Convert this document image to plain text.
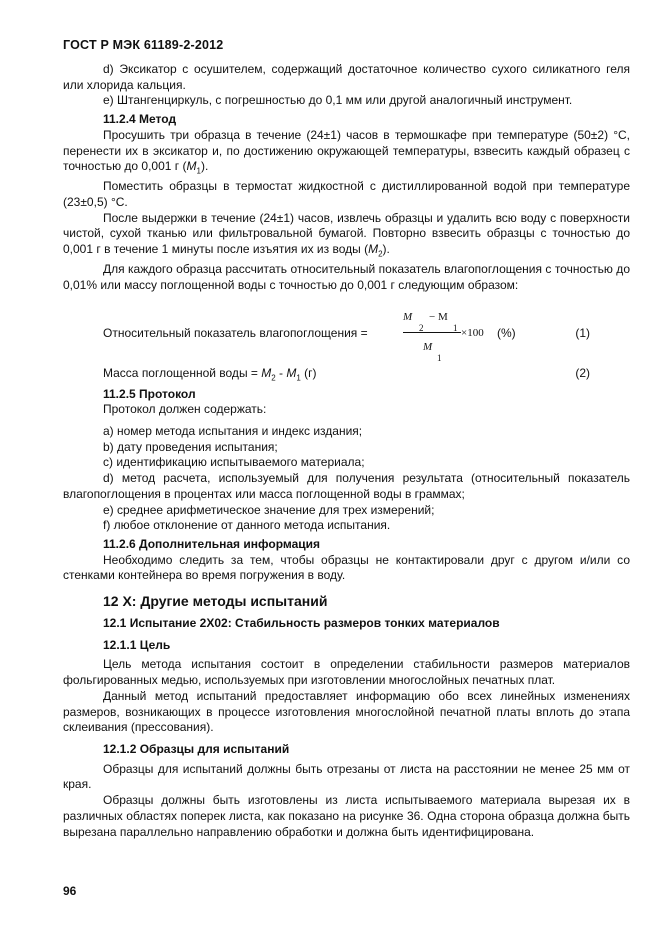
ГОСТ Р МЭК 61189-2-2012

d) Эксикатор с осушителем, содержащий достаточное количество сухого силикатного геля или хлорида кальция.

e) Штангенциркуль, с погрешностью до 0,1 мм или другой аналогичный инструмент.

11.2.4 Метод

Просушить три образца в течение (24±1) часов в термошкафе при температуре (50±2) °С, перенести их в эксикатор и, по достижению окружающей температуры, взвесить каждый образец с точностью до 0,001 г $(M_1)$.

Поместить образцы в термостат жидкостной с дистиллированной водой при температуре (23±0,5) °С.

После выдержки в течение (24±1) часов, извлечь образцы и удалить всю воду с поверхности чистой, сухой тканью или фильтровальной бумагой. Повторно взвесить образцы с точностью до 0,001 г в течение 1 минуты после изъятия их из воды $(M_2)$.

Для каждого образца рассчитать относительный показатель влагопоглощения с точностью до 0,01% или массу поглощенной воды с точностью до 0,001 г следующим образом:

Относительный показатель влагопоглощения =
M
2
− M
1
M
1
×100 (%)	(1)
Масса поглощенной воды = $M_2 - M_1$ (г)	(2)
11.2.5 Протокол

Протокол должен содержать:

a) номер метода испытания и индекс издания;

b) дату проведения испытания;

c) идентификацию испытываемого материала;

d) метод расчета, используемый для получения результата (относительный показатель влагопоглощения в процентах или масса поглощенной воды в граммах;

e) среднее арифметическое значение для трех измерений;

f) любое отклонение от данного метода испытания.

11.2.6 Дополнительная информация

Необходимо следить за тем, чтобы образцы не контактировали друг с другом и/или со стенками контейнера во время погружения в воду.

12 X: Другие методы испытаний
12.1 Испытание 2X02: Стабильность размеров тонких материалов
12.1.1 Цель

Цель метода испытания состоит в определении стабильности размеров материалов фольгированных медью, используемых при изготовлении многослойных печатных плат.

Данный метод испытаний предоставляет информацию обо всех линейных изменениях размеров, возникающих в процессе изготовления многослойной печатной платы вплоть до этапа склеивания (прессования).

12.1.2 Образцы для испытаний

Образцы для испытаний должны быть отрезаны от листа на расстоянии не менее 25 мм от края.

Образцы должны быть изготовлены из листа испытываемого материала вырезая их в различных областях поперек листа, как показано на рисунке 36. Одна сторона образца должна быть вырезана параллельно направлению обработки и должна быть идентифицирована.

96
